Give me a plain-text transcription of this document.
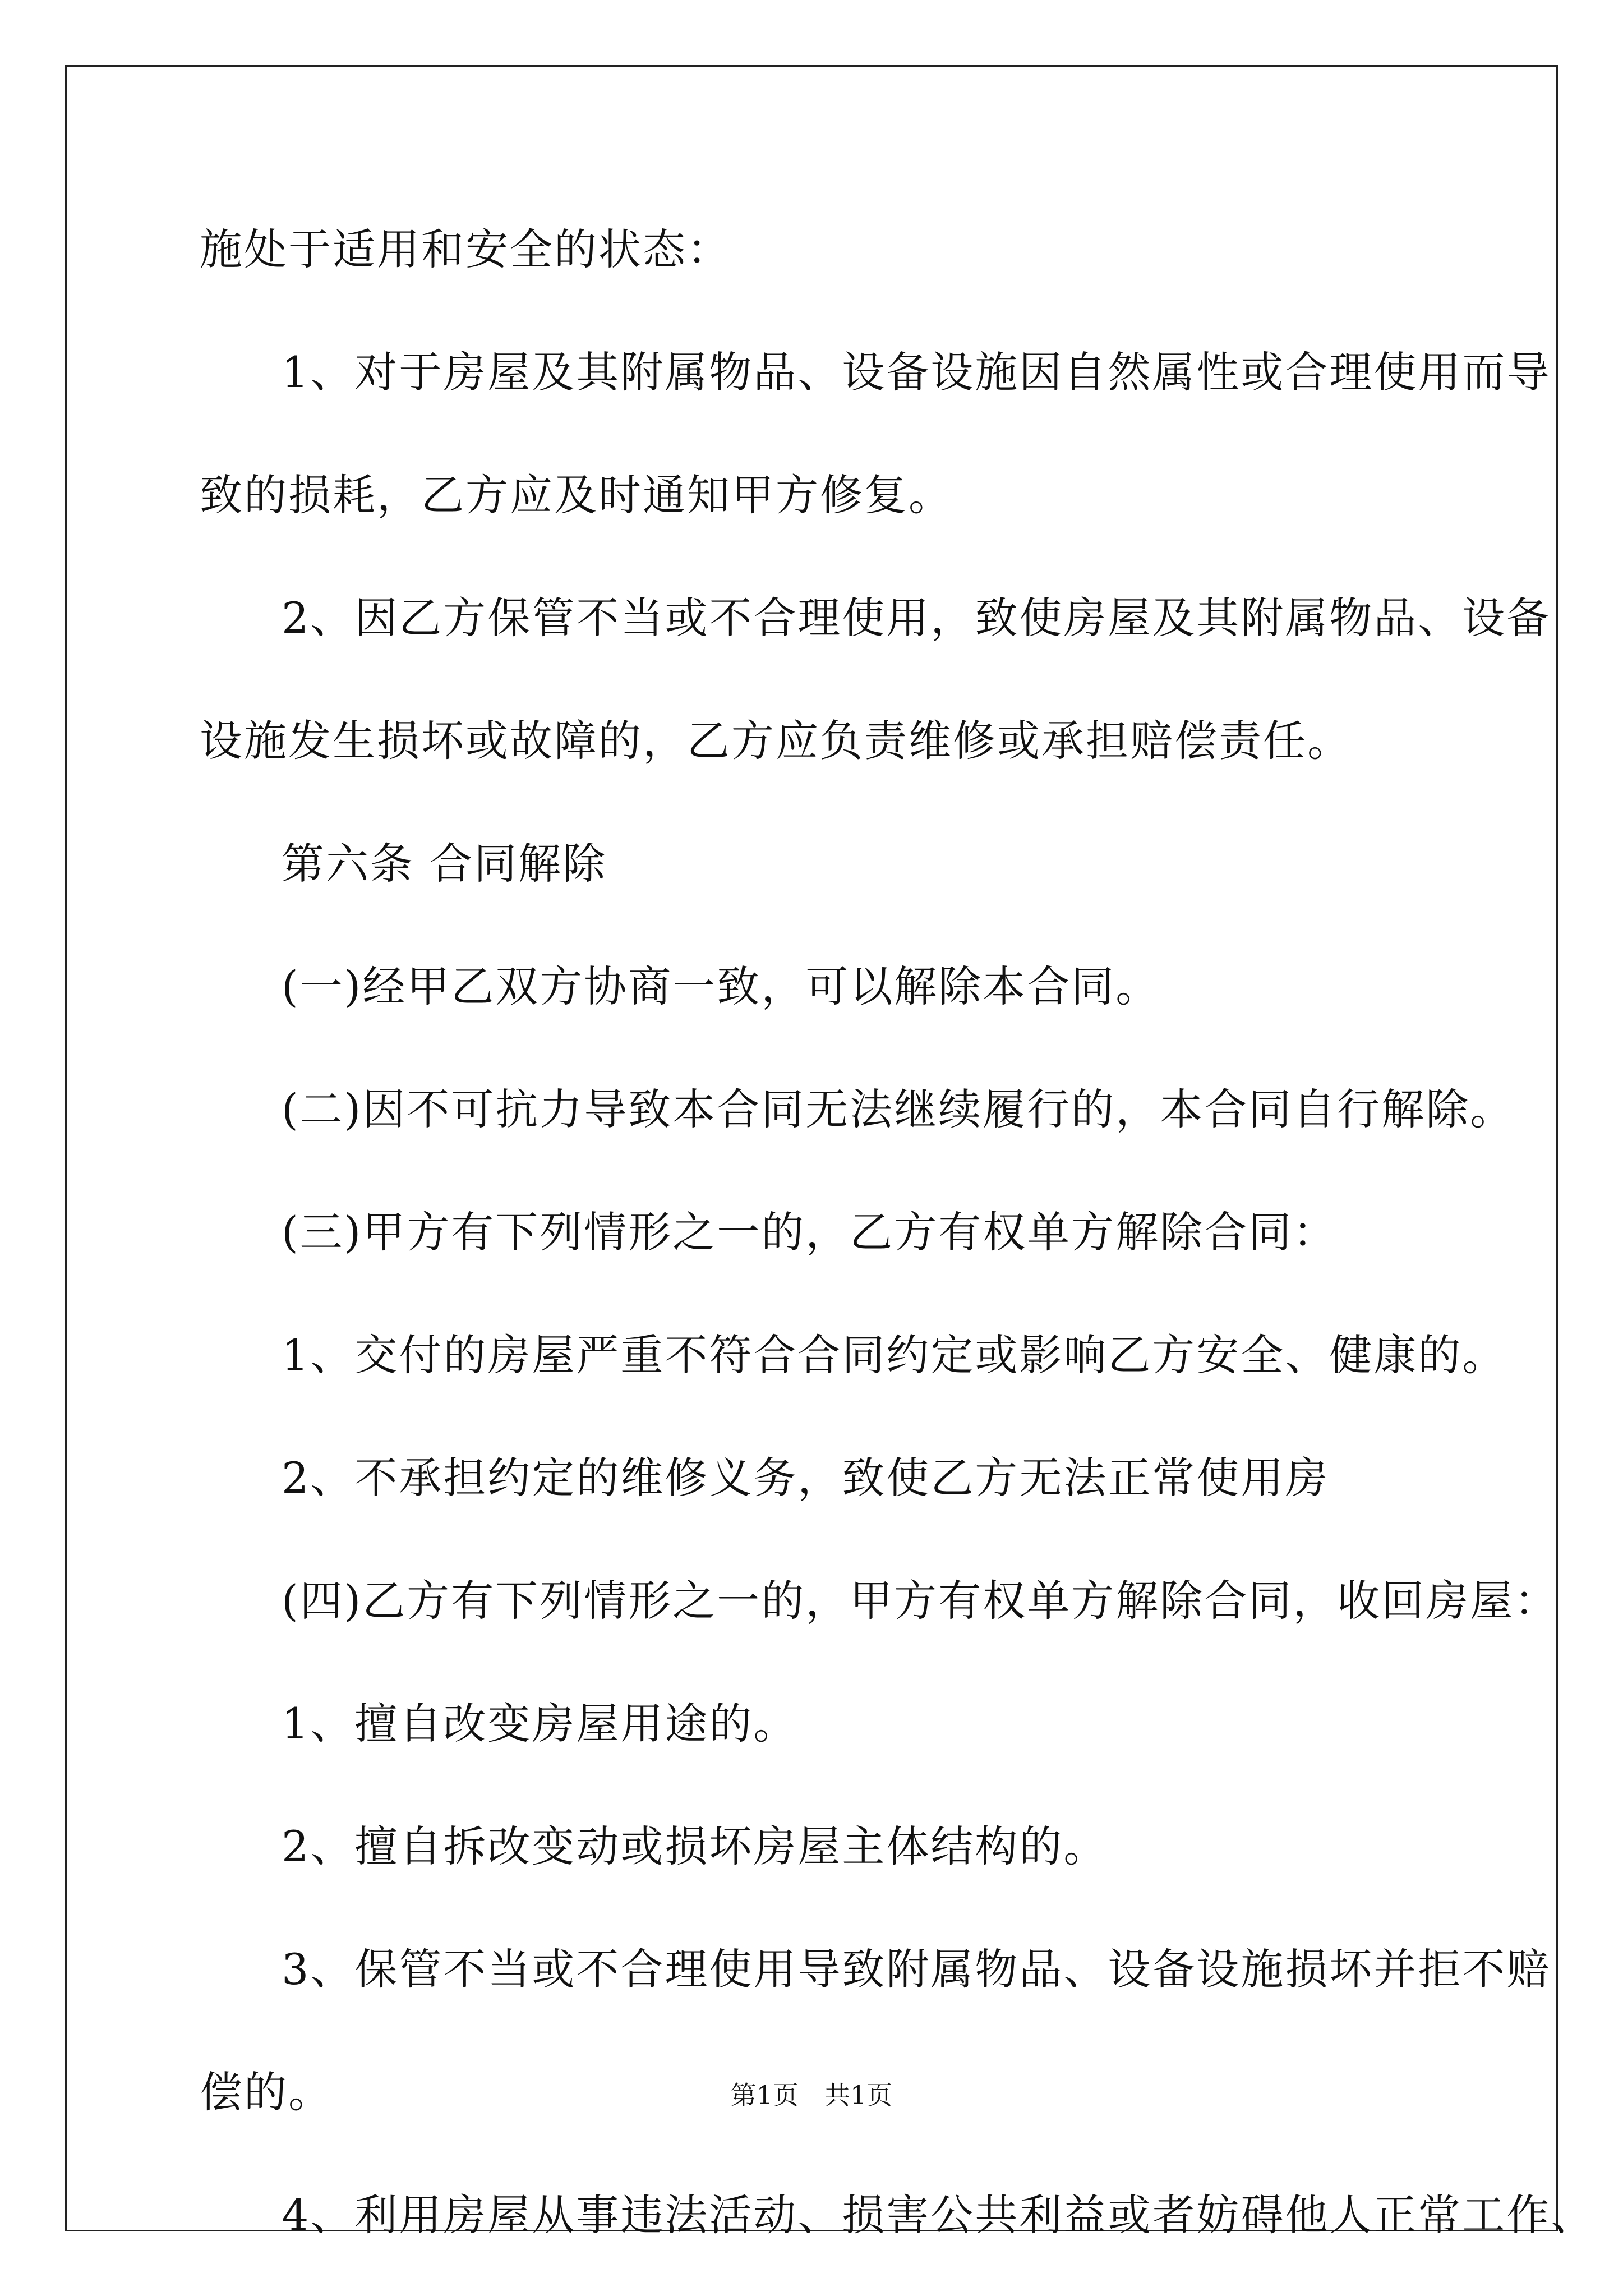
施处于适用和安全的状态：
1、对于房屋及其附属物品、设备设施因自然属性或合理使用而导
致的损耗，乙方应及时通知甲方修复。
2、因乙方保管不当或不合理使用，致使房屋及其附属物品、设备
设施发生损坏或故障的，乙方应负责维修或承担赔偿责任。
第六条 合同解除
(一)经甲乙双方协商一致，可以解除本合同。
(二)因不可抗力导致本合同无法继续履行的，本合同自行解除。
(三)甲方有下列情形之一的，乙方有权单方解除合同：
1、交付的房屋严重不符合合同约定或影响乙方安全、健康的。
2、不承担约定的维修义务，致使乙方无法正常使用房
(四)乙方有下列情形之一的，甲方有权单方解除合同，收回房屋：
1、擅自改变房屋用途的。
2、擅自拆改变动或损坏房屋主体结构的。
3、保管不当或不合理使用导致附属物品、设备设施损坏并拒不赔
偿的。
4、利用房屋从事违法活动、损害公共利益或者妨碍他人正常工作、
第1页　共1页
